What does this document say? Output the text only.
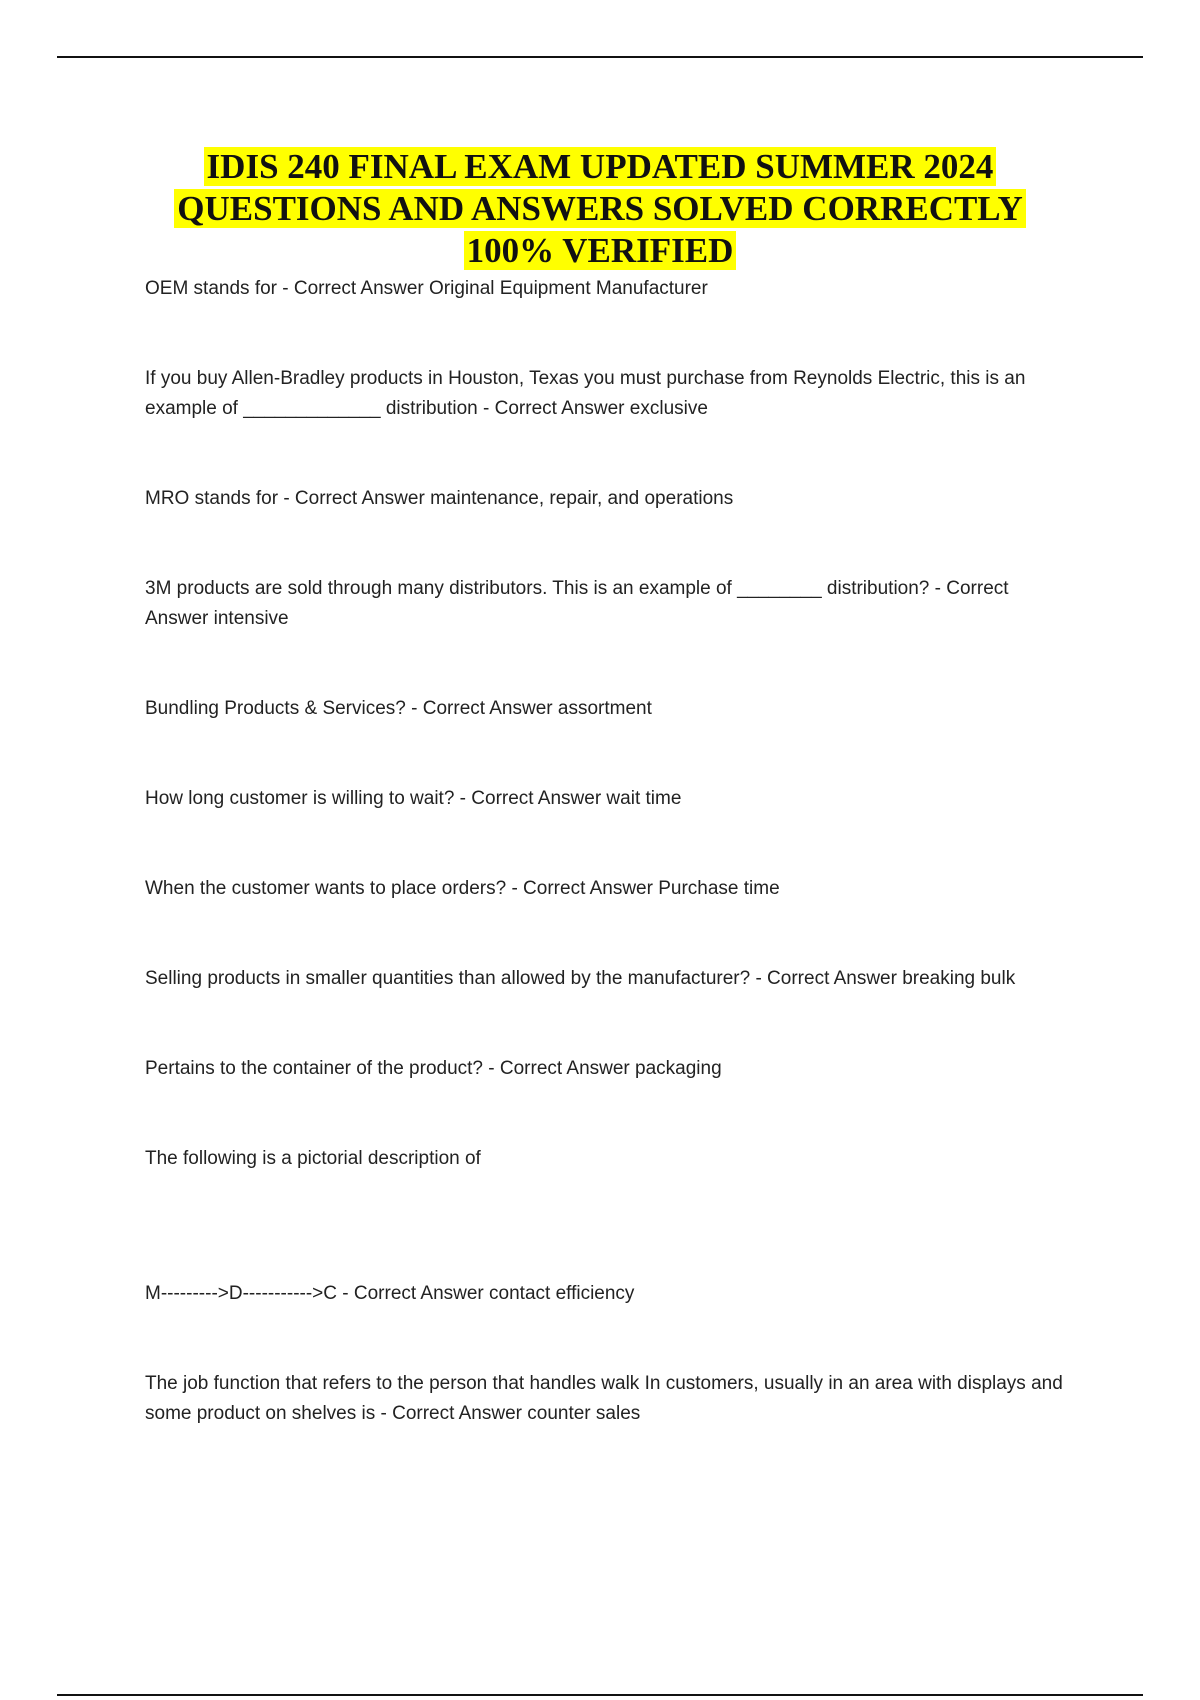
IDIS 240 FINAL EXAM UPDATED SUMMER 2024
QUESTIONS AND ANSWERS SOLVED CORRECTLY
100% VERIFIED

OEM stands for - Correct Answer Original Equipment Manufacturer

If you buy Allen-Bradley products in Houston, Texas you must purchase from Reynolds Electric, this is an example of _____________ distribution - Correct Answer exclusive

MRO stands for - Correct Answer maintenance, repair, and operations

3M products are sold through many distributors. This is an example of ________ distribution? - Correct Answer intensive

Bundling Products & Services? - Correct Answer assortment

How long customer is willing to wait? - Correct Answer wait time

When the customer wants to place orders? - Correct Answer Purchase time

Selling products in smaller quantities than allowed by the manufacturer? - Correct Answer breaking bulk

Pertains to the container of the product? - Correct Answer packaging

The following is a pictorial description of

M--------->D----------->C - Correct Answer contact efficiency

The job function that refers to the person that handles walk In customers, usually in an area with displays and some product on shelves is - Correct Answer counter sales
